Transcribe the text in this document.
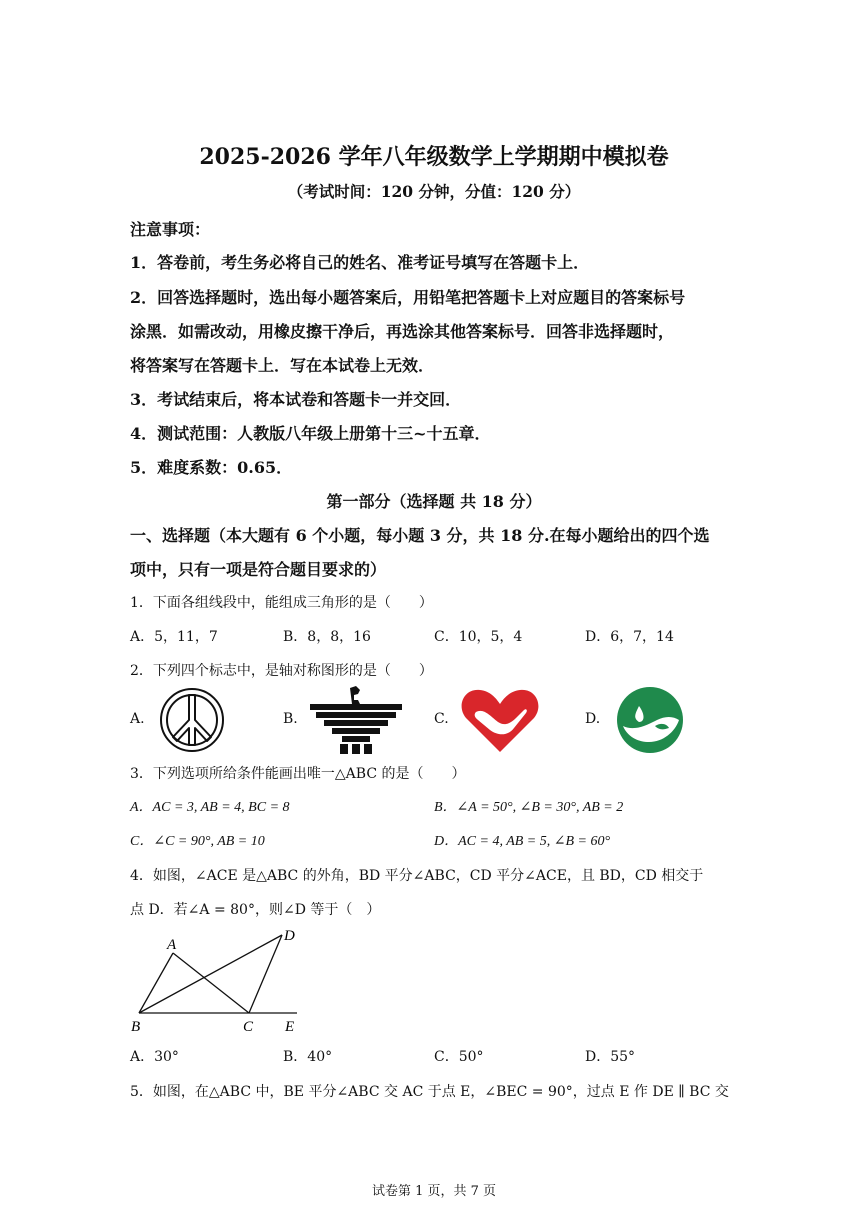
2025-2026 学年八年级数学上学期期中模拟卷
（考试时间：120 分钟，分值：120 分）
注意事项：
1．答卷前，考生务必将自己的姓名、准考证号填写在答题卡上．
2．回答选择题时，选出每小题答案后，用铅笔把答题卡上对应题目的答案标号
涂黑．如需改动，用橡皮擦干净后，再选涂其他答案标号．回答非选择题时，
将答案写在答题卡上．写在本试卷上无效．
3．考试结束后，将本试卷和答题卡一并交回．
4．测试范围：人教版八年级上册第十三~十五章．
5．难度系数：0.65．
第一部分（选择题 共 18 分）
一、选择题（本大题有 6 个小题，每小题 3 分，共 18 分.在每小题给出的四个选
项中，只有一项是符合题目要求的）
1．下面各组线段中，能组成三角形的是（　　）
A．5，11，7	B．8，8，16	C．10，5，4	D．6，7，14
2．下列四个标志中，是轴对称图形的是（　　）
A.	B.	C.	D.
3．下列选项所给条件能画出唯一△ABC 的是（　　）
A．AC = 3, AB = 4, BC = 8	B．∠A = 50°, ∠B = 30°, AB = 2
C．∠C = 90°, AB = 10	D．AC = 4, AB = 5, ∠B = 60°
4．如图，∠ACE 是△ABC 的外角，BD 平分∠ABC，CD 平分∠ACE，且 BD，CD 相交于
点 D．若∠A = 80°，则∠D 等于（　）
A
D
B	C E
A．30°	B．40°	C．50°	D．55°
5．如图，在△ABC 中，BE 平分∠ABC 交 AC 于点 E，∠BEC = 90°，过点 E 作 DE ∥ BC 交
试卷第 1 页，共 7 页
